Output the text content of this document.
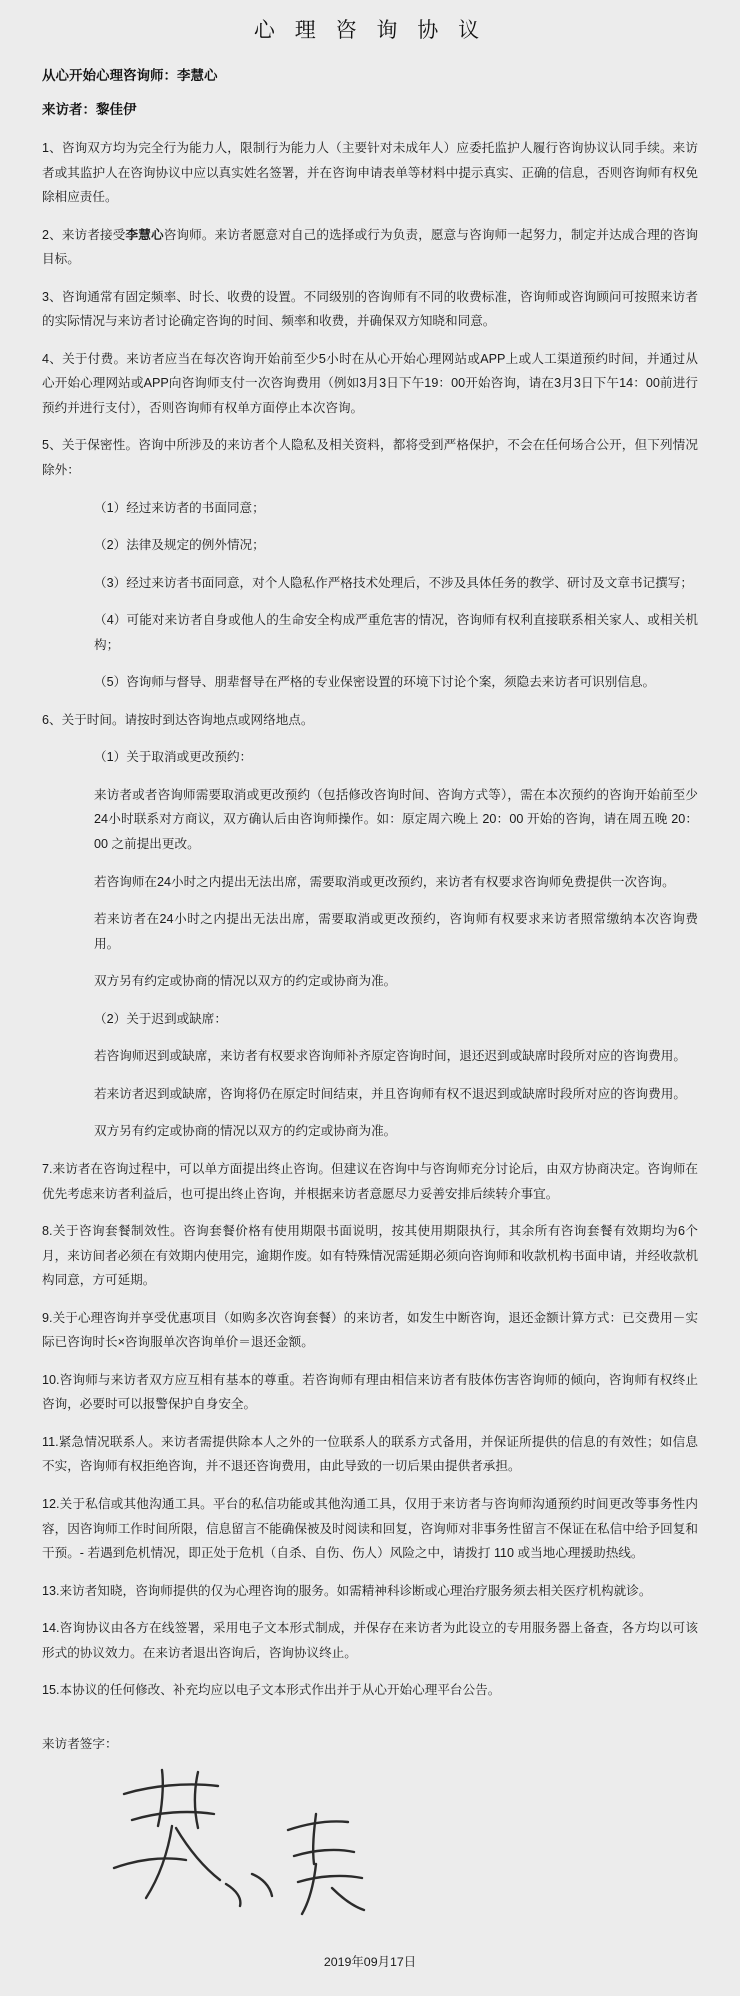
心 理 咨 询 协 议
从心开始心理咨询师：李慧心
来访者：黎佳伊

1、咨询双方均为完全行为能力人，限制行为能力人（主要针对未成年人）应委托监护人履行咨询协议认同手续。来访者或其监护人在咨询协议中应以真实姓名签署，并在咨询申请表单等材料中提示真实、正确的信息，否则咨询师有权免除相应责任。

2、来访者接受李慧心咨询师。来访者愿意对自己的选择或行为负责，愿意与咨询师一起努力，制定并达成合理的咨询目标。

3、咨询通常有固定频率、时长、收费的设置。不同级别的咨询师有不同的收费标准，咨询师或咨询顾问可按照来访者的实际情况与来访者讨论确定咨询的时间、频率和收费，并确保双方知晓和同意。

4、关于付费。来访者应当在每次咨询开始前至少5小时在从心开始心理网站或APP上或人工渠道预约时间，并通过从心开始心理网站或APP向咨询师支付一次咨询费用（例如3月3日下午19：00开始咨询，请在3月3日下午14：00前进行预约并进行支付），否则咨询师有权单方面停止本次咨询。

5、关于保密性。咨询中所涉及的来访者个人隐私及相关资料，都将受到严格保护，不会在任何场合公开，但下列情况除外：

（1）经过来访者的书面同意；

（2）法律及规定的例外情况；

（3）经过来访者书面同意，对个人隐私作严格技术处理后，不涉及具体任务的教学、研讨及文章书记撰写；

（4）可能对来访者自身或他人的生命安全构成严重危害的情况，咨询师有权利直接联系相关家人、或相关机构；

（5）咨询师与督导、朋辈督导在严格的专业保密设置的环境下讨论个案，须隐去来访者可识别信息。

6、关于时间。请按时到达咨询地点或网络地点。

（1）关于取消或更改预约：

来访者或者咨询师需要取消或更改预约（包括修改咨询时间、咨询方式等），需在本次预约的咨询开始前至少24小时联系对方商议，双方确认后由咨询师操作。如：原定周六晚上 20：00 开始的咨询，请在周五晚 20：00 之前提出更改。

若咨询师在24小时之内提出无法出席，需要取消或更改预约，来访者有权要求咨询师免费提供一次咨询。

若来访者在24小时之内提出无法出席，需要取消或更改预约，咨询师有权要求来访者照常缴纳本次咨询费用。

双方另有约定或协商的情况以双方的约定或协商为准。

（2）关于迟到或缺席：

若咨询师迟到或缺席，来访者有权要求咨询师补齐原定咨询时间，退还迟到或缺席时段所对应的咨询费用。

若来访者迟到或缺席，咨询将仍在原定时间结束，并且咨询师有权不退迟到或缺席时段所对应的咨询费用。

双方另有约定或协商的情况以双方的约定或协商为准。

7.来访者在咨询过程中，可以单方面提出终止咨询。但建议在咨询中与咨询师充分讨论后，由双方协商决定。咨询师在优先考虑来访者利益后，也可提出终止咨询，并根据来访者意愿尽力妥善安排后续转介事宜。

8.关于咨询套餐制效性。咨询套餐价格有使用期限书面说明，按其使用期限执行，其余所有咨询套餐有效期均为6个月，来访间者必须在有效期内使用完，逾期作废。如有特殊情况需延期必须向咨询师和收款机构书面申请，并经收款机构同意，方可延期。

9.关于心理咨询并享受优惠项目（如购多次咨询套餐）的来访者，如发生中断咨询，退还金额计算方式：已交费用－实际已咨询时长×咨询服单次咨询单价＝退还金额。

10.咨询师与来访者双方应互相有基本的尊重。若咨询师有理由相信来访者有肢体伤害咨询师的倾向，咨询师有权终止咨询，必要时可以报警保护自身安全。

11.紧急情况联系人。来访者需提供除本人之外的一位联系人的联系方式备用，并保证所提供的信息的有效性；如信息不实，咨询师有权拒绝咨询，并不退还咨询费用，由此导致的一切后果由提供者承担。

12.关于私信或其他沟通工具。平台的私信功能或其他沟通工具，仅用于来访者与咨询师沟通预约时间更改等事务性内容，因咨询师工作时间所限，信息留言不能确保被及时阅读和回复，咨询师对非事务性留言不保证在私信中给予回复和干预。- 若遇到危机情况，即正处于危机（自杀、自伤、伤人）风险之中，请拨打 110 或当地心理援助热线。

13.来访者知晓，咨询师提供的仅为心理咨询的服务。如需精神科诊断或心理治疗服务须去相关医疗机构就诊。

14.咨询协议由各方在线签署，采用电子文本形式制成，并保存在来访者为此设立的专用服务器上备查，各方均以可该形式的协议效力。在来访者退出咨询后，咨询协议终止。

15.本协议的任何修改、补充均应以电子文本形式作出并于从心开始心理平台公告。

来访者签字：
2019年09月17日
